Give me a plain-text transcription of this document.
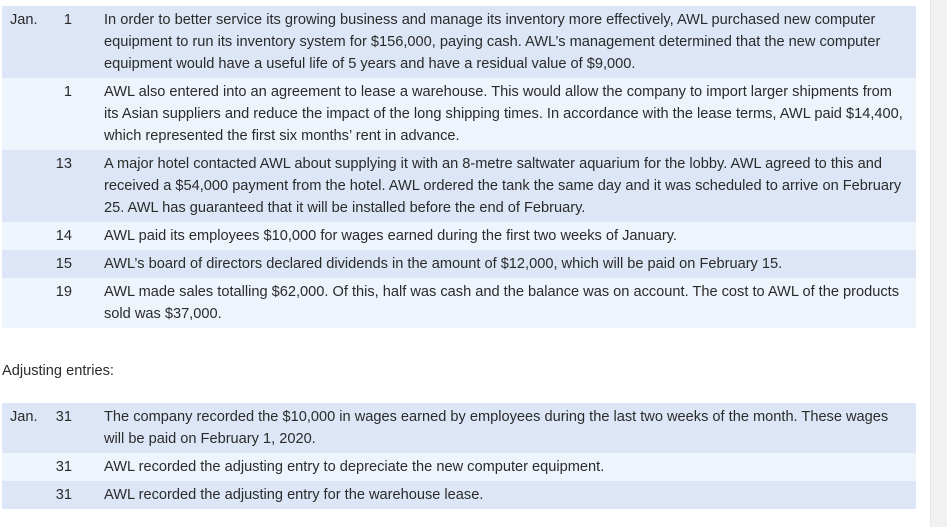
Jan.	1	In order to better service its growing business and manage its inventory more effectively, AWL purchased new computer equipment to run its inventory system for $156,000, paying cash. AWL’s management determined that the new computer equipment would have a useful life of 5 years and have a residual value of $9,000.
1	AWL also entered into an agreement to lease a warehouse. This would allow the company to import larger shipments from its Asian suppliers and reduce the impact of the long shipping times. In accordance with the lease terms, AWL paid $14,400, which represented the first six months’ rent in advance.
13	A major hotel contacted AWL about supplying it with an 8-metre saltwater aquarium for the lobby. AWL agreed to this and received a $54,000 payment from the hotel. AWL ordered the tank the same day and it was scheduled to arrive on February 25. AWL has guaranteed that it will be installed before the end of February.
14	AWL paid its employees $10,000 for wages earned during the first two weeks of January.
15	AWL’s board of directors declared dividends in the amount of $12,000, which will be paid on February 15.
19	AWL made sales totalling $62,000. Of this, half was cash and the balance was on account. The cost to AWL of the products sold was $37,000.
Adjusting entries:
Jan.	31	The company recorded the $10,000 in wages earned by employees during the last two weeks of the month. These wages will be paid on February 1, 2020.
31	AWL recorded the adjusting entry to depreciate the new computer equipment.
31	AWL recorded the adjusting entry for the warehouse lease.
